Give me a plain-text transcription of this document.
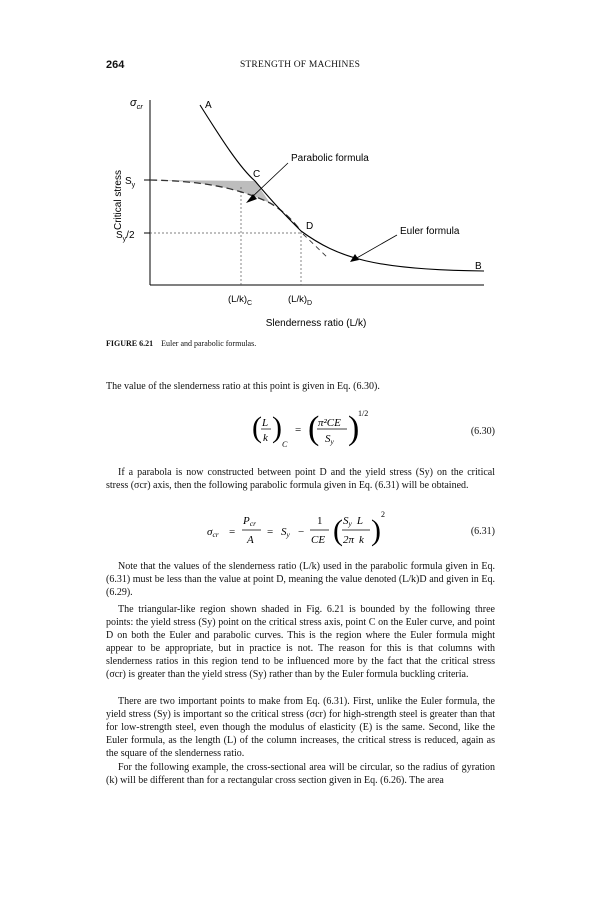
264	STRENGTH OF MACHINES
$\sigma_{cr}$
Critical stress $S_y$
$S_y/2$
A
C
D
B
Parabolic formula
Euler formula
$(L/k)_C$	$(L/k)_D$
Slenderness ratio (L/k)
FIGURE 6.21 Euler and parabolic formulas.
The value of the slenderness ratio at this point is given in Eq. (6.30).
( L
k )
C
= (
π²CE
Sy )
1/2
(6.30)
If a parabola is now constructed between point D and the yield stress (Sy) on the critical stress (σcr) axis, then the following parabolic formula given in Eq. (6.31) will be obtained.
σcr =
Pcr
A
= Sy −
1
CE ( Sy L
2π k ) 2
(6.31)
Note that the values of the slenderness ratio (L/k) used in the parabolic formula given in Eq. (6.31) must be less than the value at point D, meaning the value denoted (L/k)D and given in Eq. (6.29).
The triangular-like region shown shaded in Fig. 6.21 is bounded by the following three points: the yield stress (Sy) point on the critical stress axis, point C on the Euler curve, and point D on both the Euler and parabolic curves. This is the region where the Euler formula might appear to be appropriate, but in practice is not. The reason for this is that columns with slenderness ratios in this region tend to be influenced more by the fact that the critical stress (σcr) is greater than the yield stress (Sy) rather than by the Euler formula buckling criteria.
There are two important points to make from Eq. (6.31). First, unlike the Euler formula, the yield stress (Sy) is important so the critical stress (σcr) for high-strength steel is greater than that for low-strength steel, even though the modulus of elasticity (E) is the same. Second, like the Euler formula, as the length (L) of the column increases, the critical stress is reduced, again as the square of the slenderness ratio.
For the following example, the cross-sectional area will be circular, so the radius of gyration (k) will be different than for a rectangular cross section given in Eq. (6.26). The area
